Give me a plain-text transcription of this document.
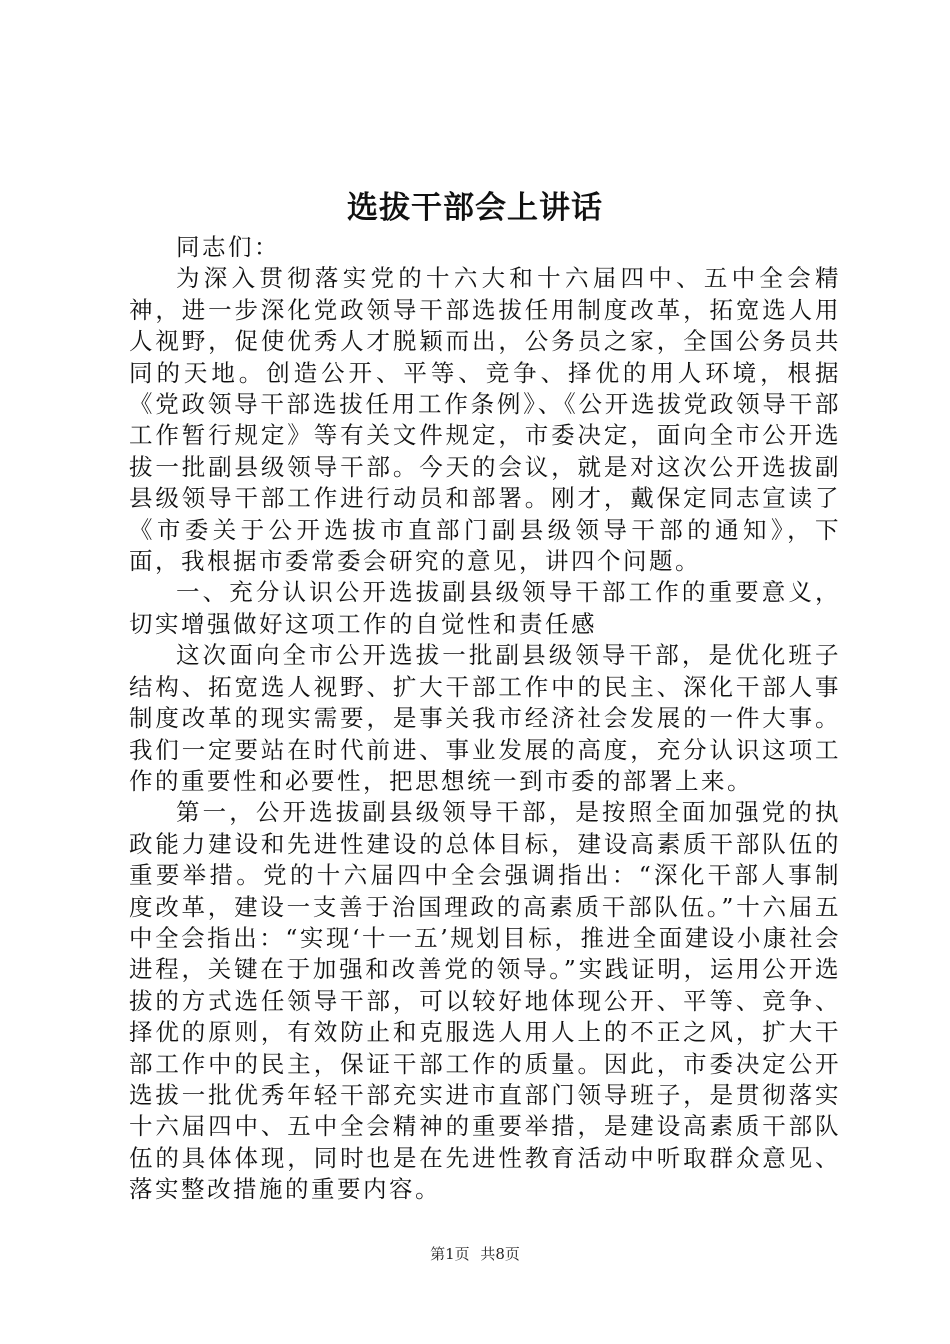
选拔干部会上讲话

同志们：

为深入贯彻落实党的十六大和十六届四中、五中全会精神，进一步深化党政领导干部选拔任用制度改革，拓宽选人用人视野，促使优秀人才脱颖而出，公务员之家，全国公务员共同的天地。创造公开、平等、竞争、择优的用人环境，根据《党政领导干部选拔任用工作条例》、《公开选拔党政领导干部工作暂行规定》等有关文件规定，市委决定，面向全市公开选拔一批副县级领导干部。今天的会议，就是对这次公开选拔副县级领导干部工作进行动员和部署。刚才，戴保定同志宣读了《市委关于公开选拔市直部门副县级领导干部的通知》，下面，我根据市委常委会研究的意见，讲四个问题。

一、充分认识公开选拔副县级领导干部工作的重要意义，切实增强做好这项工作的自觉性和责任感

这次面向全市公开选拔一批副县级领导干部，是优化班子结构、拓宽选人视野、扩大干部工作中的民主、深化干部人事制度改革的现实需要，是事关我市经济社会发展的一件大事。我们一定要站在时代前进、事业发展的高度，充分认识这项工作的重要性和必要性，把思想统一到市委的部署上来。

第一，公开选拔副县级领导干部，是按照全面加强党的执政能力建设和先进性建设的总体目标，建设高素质干部队伍的重要举措。党的十六届四中全会强调指出：“深化干部人事制度改革，建设一支善于治国理政的高素质干部队伍。”十六届五中全会指出：“实现‘十一五’规划目标，推进全面建设小康社会进程，关键在于加强和改善党的领导。”实践证明，运用公开选拔的方式选任领导干部，可以较好地体现公开、平等、竞争、择优的原则，有效防止和克服选人用人上的不正之风，扩大干部工作中的民主，保证干部工作的质量。因此，市委决定公开选拔一批优秀年轻干部充实进市直部门领导班子，是贯彻落实十六届四中、五中全会精神的重要举措，是建设高素质干部队伍的具体体现，同时也是在先进性教育活动中听取群众意见、落实整改措施的重要内容。

第1页 共8页
